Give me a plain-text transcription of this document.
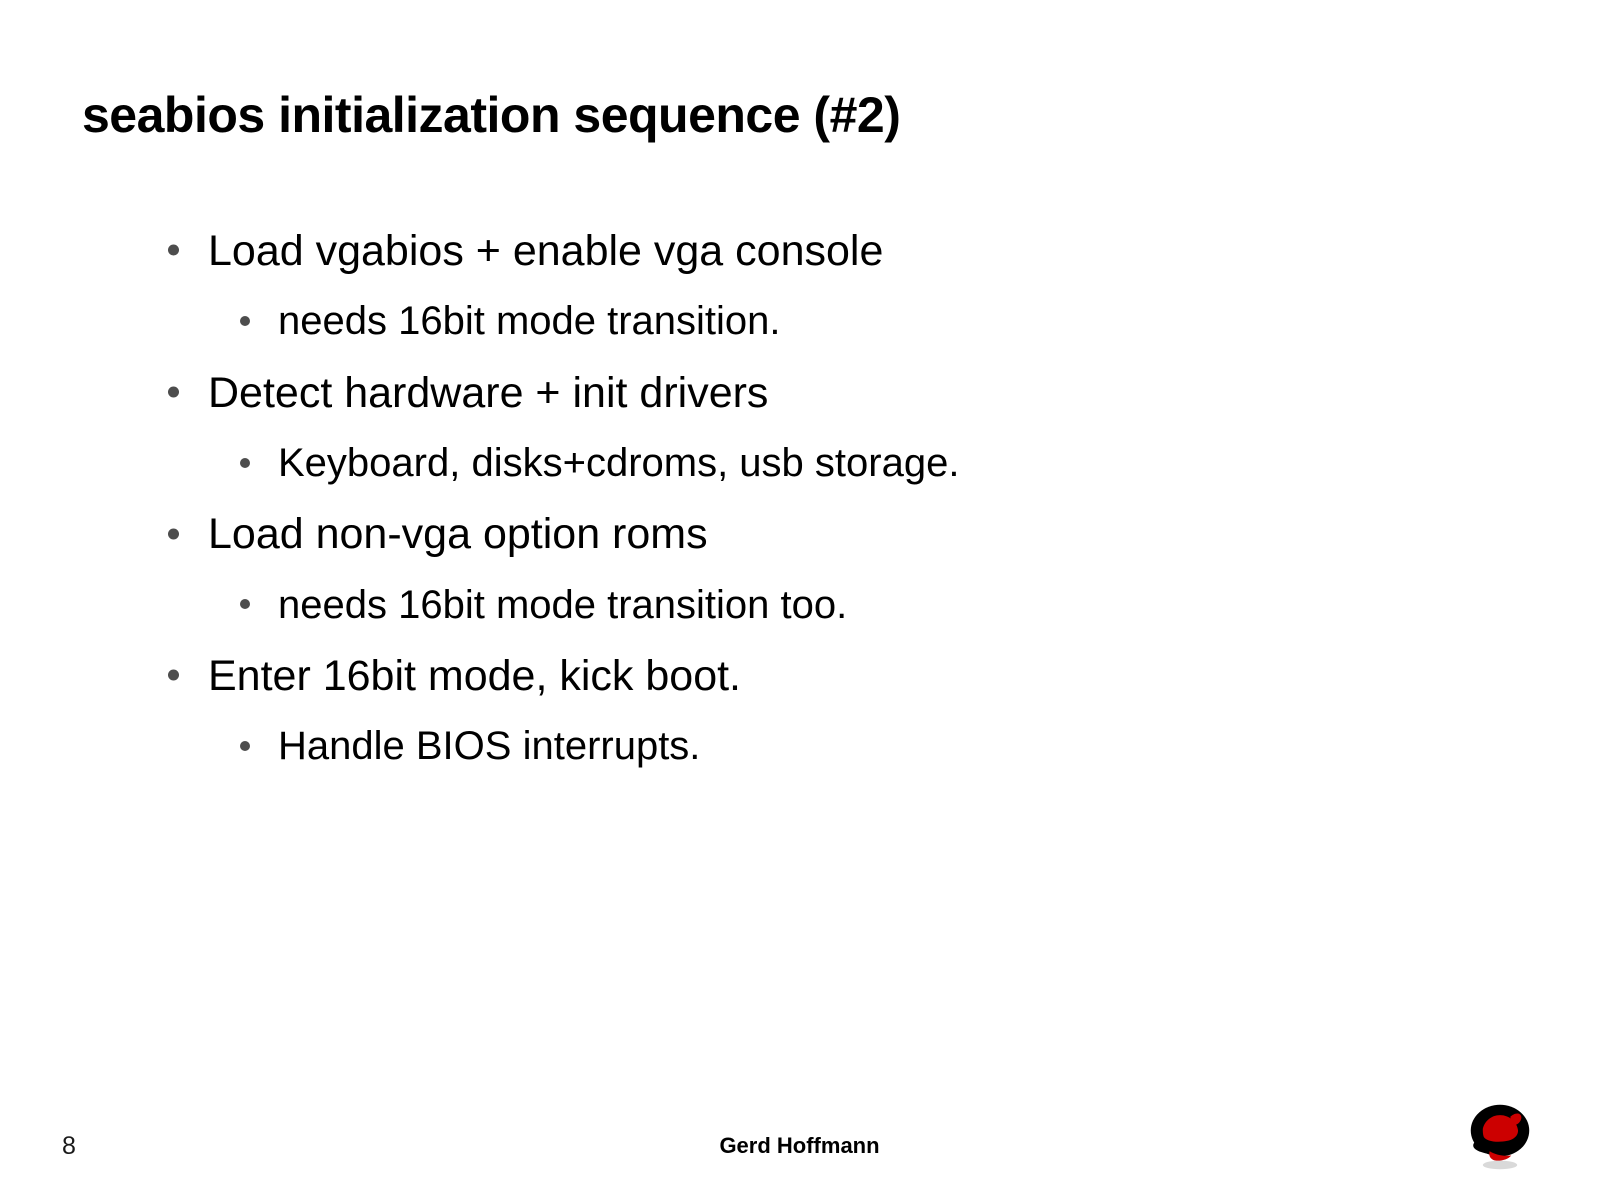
seabios initialization sequence (#2)
Load vgabios + enable vga console
needs 16bit mode transition.
Detect hardware + init drivers
Keyboard, disks+cdroms, usb storage.
Load non-vga option roms
needs 16bit mode transition too.
Enter 16bit mode, kick boot.
Handle BIOS interrupts.
8	Gerd Hoffmann
